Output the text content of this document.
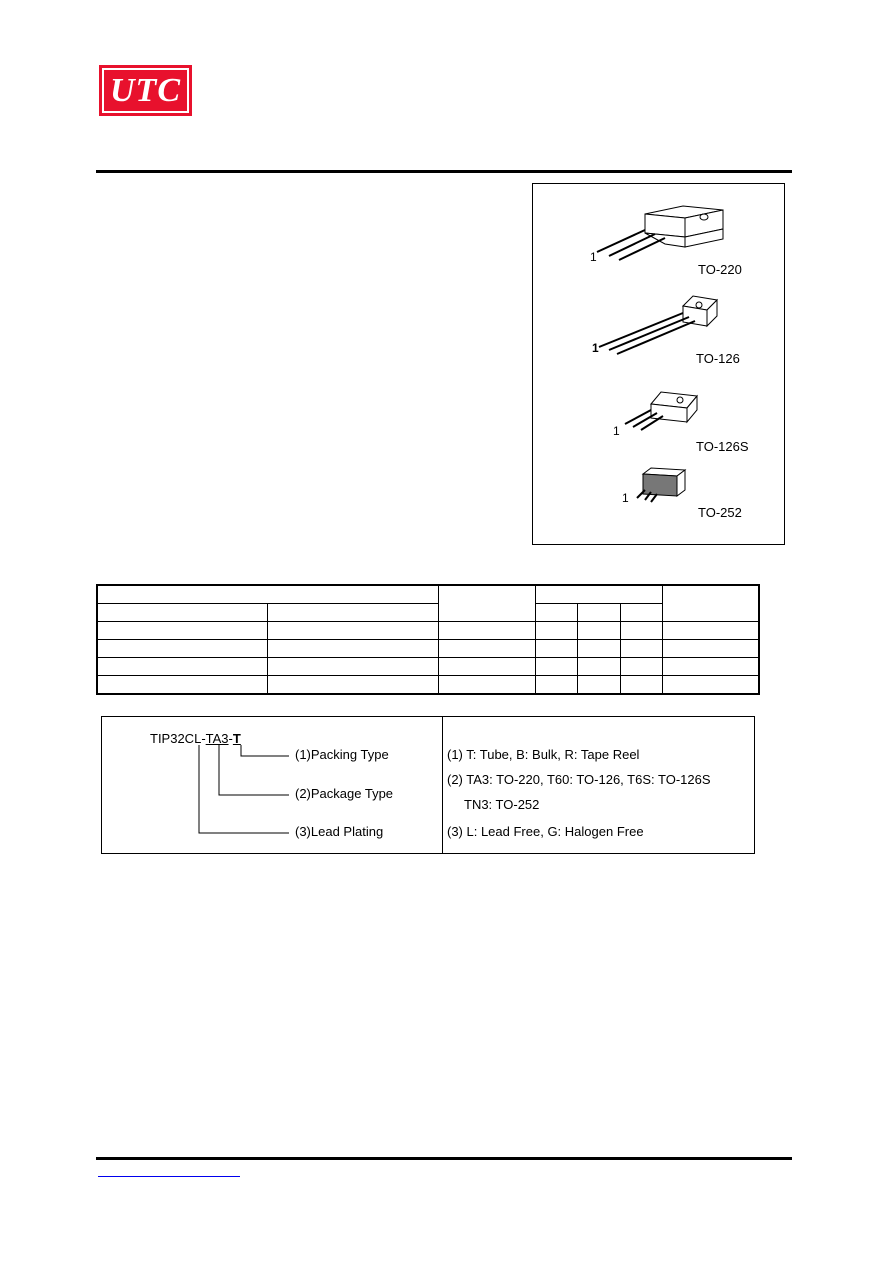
UTC
1
TO-220
1
TO-126
1
TO-126S
1
TO-252

TIP32CL-TA3-T
(1)Packing Type
(2)Package Type
(3)Lead Plating
(1) T: Tube, B: Bulk, R: Tape Reel
(2) TA3: TO-220, T60: TO-126, T6S: TO-126S
TN3: TO-252
(3) L: Lead Free, G: Halogen Free
